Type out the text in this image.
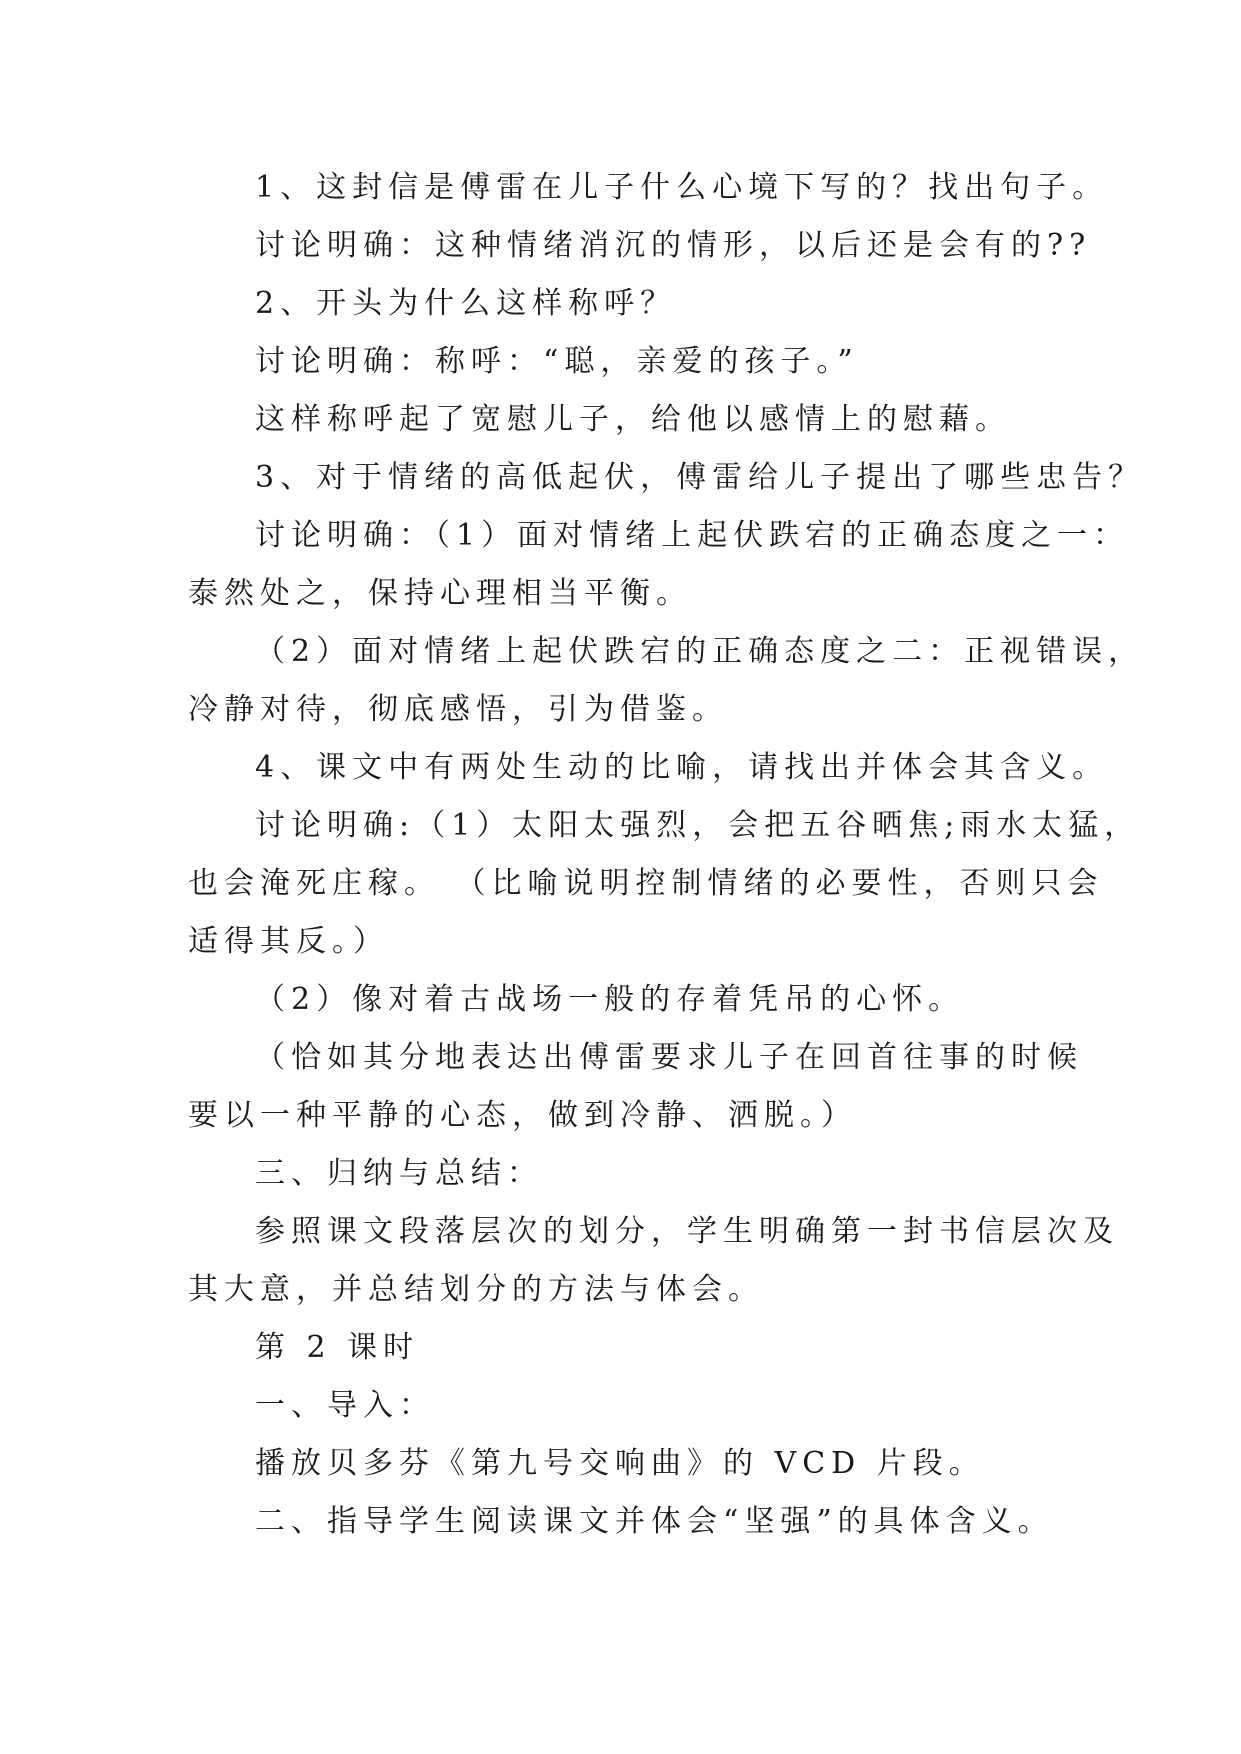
1、这封信是傅雷在儿子什么心境下写的？找出句子。
讨论明确：这种情绪消沉的情形，以后还是会有的??
2、开头为什么这样称呼？
讨论明确：称呼：“聪，亲爱的孩子。”
这样称呼起了宽慰儿子，给他以感情上的慰藉。
3、对于情绪的高低起伏，傅雷给儿子提出了哪些忠告？
讨论明确：（1）面对情绪上起伏跌宕的正确态度之一：
泰然处之，保持心理相当平衡。
（2）面对情绪上起伏跌宕的正确态度之二：正视错误，
冷静对待，彻底感悟，引为借鉴。
4、课文中有两处生动的比喻，请找出并体会其含义。
讨论明确:（1）太阳太强烈，会把五谷晒焦;雨水太猛，
也会淹死庄稼。 （比喻说明控制情绪的必要性，否则只会
适得其反。）
（2）像对着古战场一般的存着凭吊的心怀。
（恰如其分地表达出傅雷要求儿子在回首往事的时候
要以一种平静的心态，做到冷静、洒脱。）
三、归纳与总结：
参照课文段落层次的划分，学生明确第一封书信层次及
其大意，并总结划分的方法与体会。
第 2 课时
一、导入：
播放贝多芬《第九号交响曲》的 VCD 片段。
二、指导学生阅读课文并体会“坚强”的具体含义。
